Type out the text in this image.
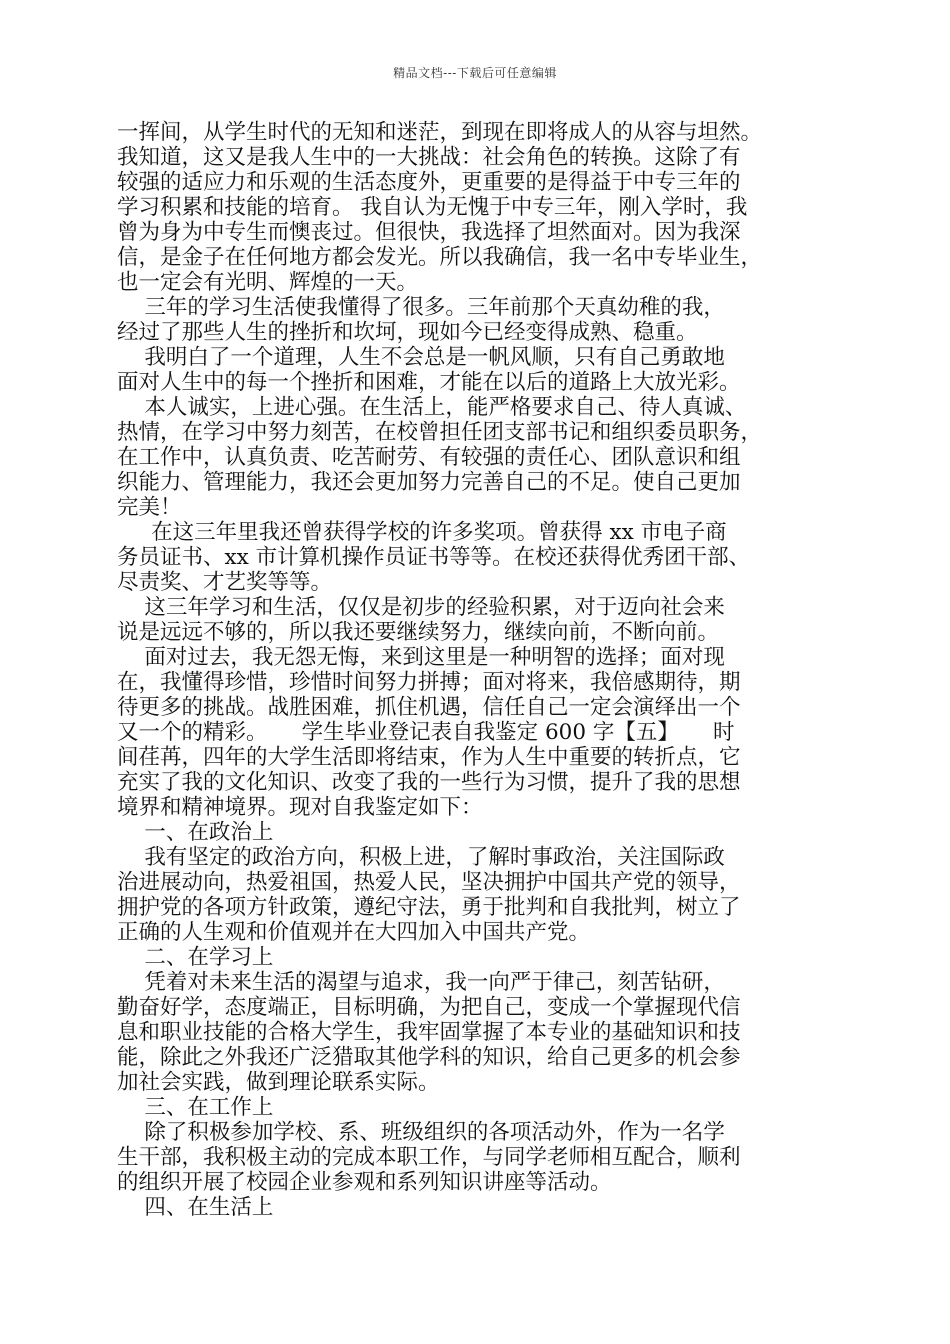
精品文档---下载后可任意编辑
一挥间，从学生时代的无知和迷茫，到现在即将成人的从容与坦然。
我知道，这又是我人生中的一大挑战：社会角色的转换。这除了有
较强的适应力和乐观的生活态度外，更重要的是得益于中专三年的
学习积累和技能的培育。 我自认为无愧于中专三年，刚入学时，我
曾为身为中专生而懊丧过。但很快，我选择了坦然面对。因为我深
信，是金子在任何地方都会发光。所以我确信，我一名中专毕业生，
也一定会有光明、辉煌的一天。
三年的学习生活使我懂得了很多。三年前那个天真幼稚的我，
经过了那些人生的挫折和坎坷，现如今已经变得成熟、稳重。
我明白了一个道理，人生不会总是一帆风顺，只有自己勇敢地
面对人生中的每一个挫折和困难，才能在以后的道路上大放光彩。
本人诚实，上进心强。在生活上，能严格要求自己、待人真诚、
热情，在学习中努力刻苦，在校曾担任团支部书记和组织委员职务，
在工作中，认真负责、吃苦耐劳、有较强的责任心、团队意识和组
织能力、管理能力，我还会更加努力完善自己的不足。使自己更加
完美！
在这三年里我还曾获得学校的许多奖项。曾获得 xx 市电子商
务员证书、xx 市计算机操作员证书等等。在校还获得优秀团干部、
尽责奖、才艺奖等等。
这三年学习和生活，仅仅是初步的经验积累，对于迈向社会来
说是远远不够的，所以我还要继续努力，继续向前，不断向前。
面对过去，我无怨无悔，来到这里是一种明智的选择；面对现
在，我懂得珍惜，珍惜时间努力拼搏；面对将来，我倍感期待，期
待更多的挑战。战胜困难，抓住机遇，信任自己一定会演绎出一个
又一个的精彩。     学生毕业登记表自我鉴定 600 字【五】     时
间荏苒，四年的大学生活即将结束，作为人生中重要的转折点，它
充实了我的文化知识、改变了我的一些行为习惯，提升了我的思想
境界和精神境界。现对自我鉴定如下：
一、在政治上
我有坚定的政治方向，积极上进，了解时事政治，关注国际政
治进展动向，热爱祖国，热爱人民，坚决拥护中国共产党的领导，
拥护党的各项方针政策，遵纪守法，勇于批判和自我批判，树立了
正确的人生观和价值观并在大四加入中国共产党。
二、在学习上
凭着对未来生活的渴望与追求，我一向严于律己，刻苦钻研，
勤奋好学，态度端正，目标明确，为把自己，变成一个掌握现代信
息和职业技能的合格大学生，我牢固掌握了本专业的基础知识和技
能，除此之外我还广泛猎取其他学科的知识，给自己更多的机会参
加社会实践，做到理论联系实际。
三、在工作上
除了积极参加学校、系、班级组织的各项活动外，作为一名学
生干部，我积极主动的完成本职工作，与同学老师相互配合，顺利
的组织开展了校园企业参观和系列知识讲座等活动。
四、在生活上
